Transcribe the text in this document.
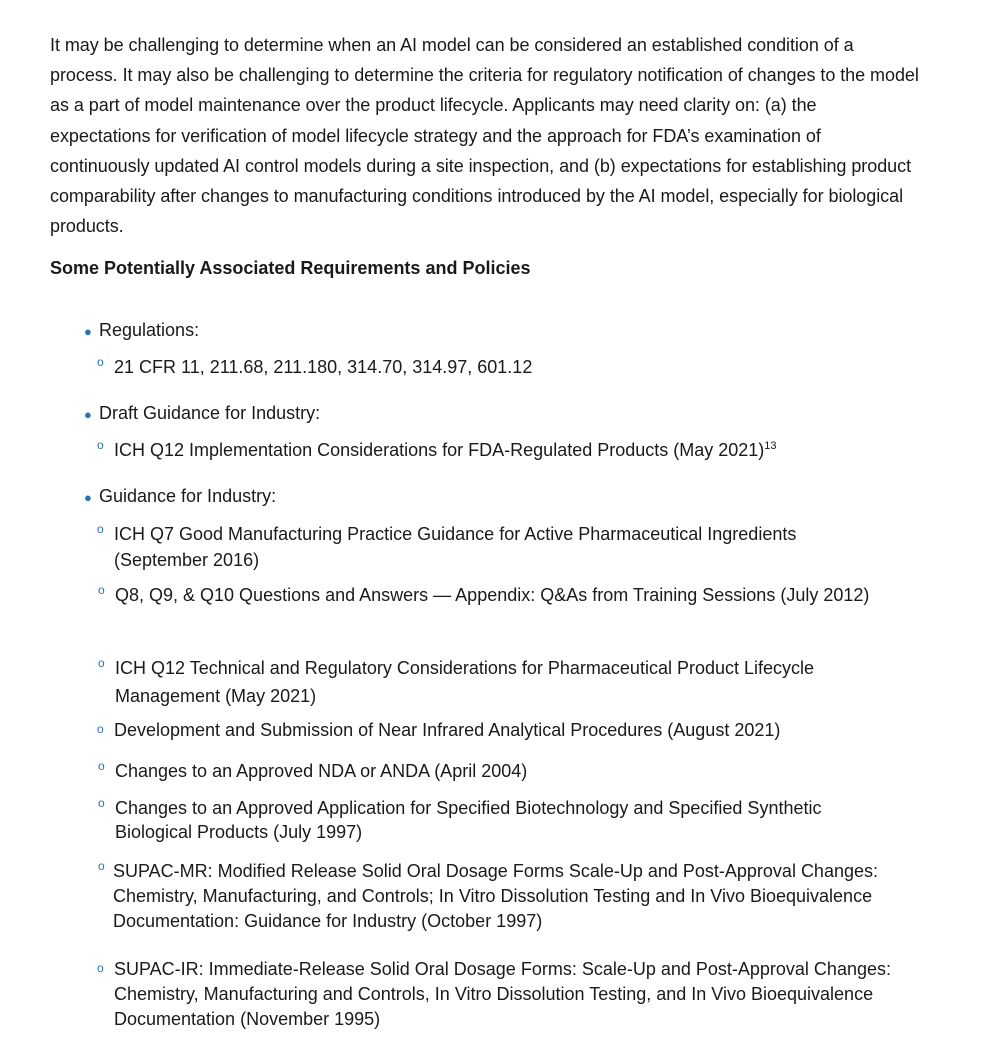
It may be challenging to determine when an AI model can be considered an established condition of a process. It may also be challenging to determine the criteria for regulatory notification of changes to the model as a part of model maintenance over the product lifecycle. Applicants may need clarity on: (a) the expectations for verification of model lifecycle strategy and the approach for FDA’s examination of continuously updated AI control models during a site inspection, and (b) expectations for establishing product comparability after changes to manufacturing conditions introduced by the AI model, especially for biological products.

Some Potentially Associated Requirements and Policies

● Regulations:

o 21 CFR 11, 211.68, 211.180, 314.70, 314.97, 601.12

● Draft Guidance for Industry:

o ICH Q12 Implementation Considerations for FDA-Regulated Products (May 2021)$^{13}$

● Guidance for Industry:

o ICH Q7 Good Manufacturing Practice Guidance for Active Pharmaceutical Ingredients (September 2016)

o Q8, Q9, & Q10 Questions and Answers — Appendix: Q&As from Training Sessions (July 2012)

o ICH Q12 Technical and Regulatory Considerations for Pharmaceutical Product Lifecycle Management (May 2021)

o Development and Submission of Near Infrared Analytical Procedures (August 2021)

o Changes to an Approved NDA or ANDA (April 2004)

o Changes to an Approved Application for Specified Biotechnology and Specified Synthetic Biological Products (July 1997)

o SUPAC-MR: Modified Release Solid Oral Dosage Forms Scale-Up and Post-Approval Changes: Chemistry, Manufacturing, and Controls; In Vitro Dissolution Testing and In Vivo Bioequivalence Documentation: Guidance for Industry (October 1997)

o SUPAC-IR: Immediate-Release Solid Oral Dosage Forms: Scale-Up and Post-Approval Changes: Chemistry, Manufacturing and Controls, In Vitro Dissolution Testing, and In Vivo Bioequivalence Documentation (November 1995)
